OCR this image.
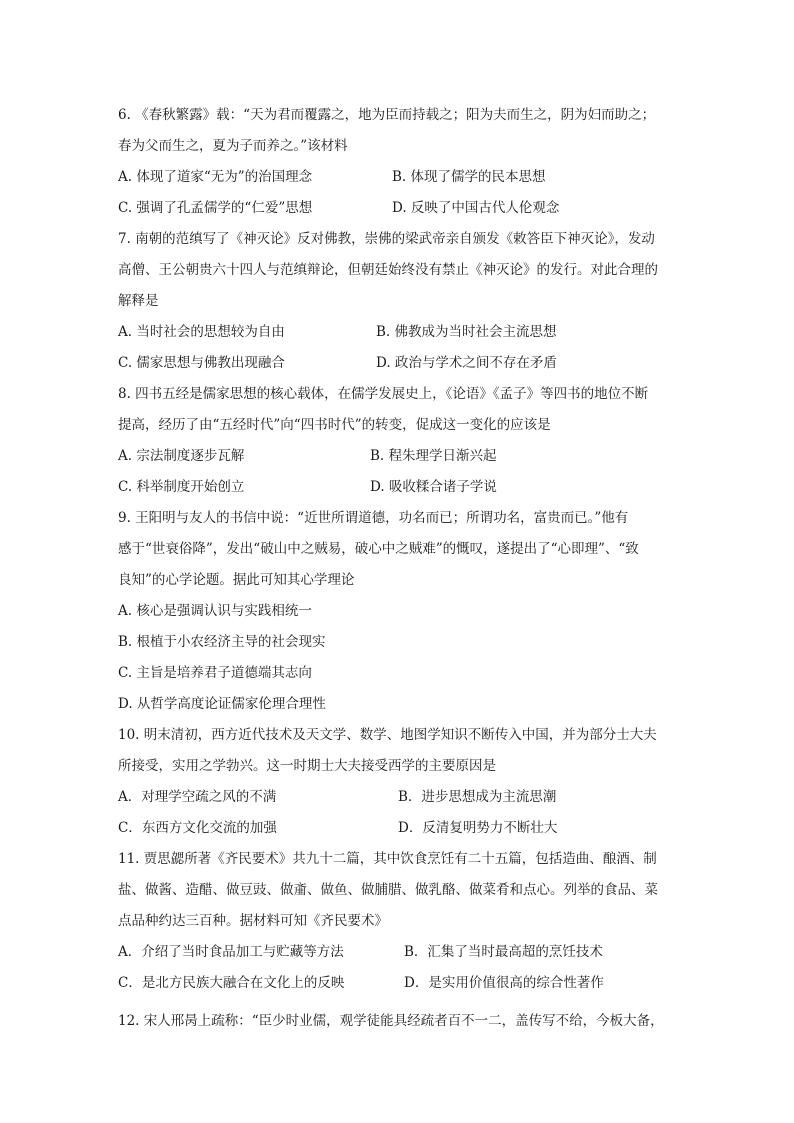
6. 《春秋繁露》载：“天为君而覆露之，地为臣而持载之；阳为夫而生之，阴为妇而助之；
春为父而生之，夏为子而养之。”该材料
A. 体现了道家“无为”的治国理念	B. 体现了儒学的民本思想
C. 强调了孔孟儒学的“仁爱”思想	D. 反映了中国古代人伦观念
7. 南朝的范缜写了《神灭论》反对佛教，崇佛的梁武帝亲自颁发《敕答臣下神灭论》，发动
高僧、王公朝贵六十四人与范缜辩论，但朝廷始终没有禁止《神灭论》的发行。对此合理的
解释是
A. 当时社会的思想较为自由	B. 佛教成为当时社会主流思想
C. 儒家思想与佛教出现融合	D. 政治与学术之间不存在矛盾
8. 四书五经是儒家思想的核心载体，在儒学发展史上，《论语》《孟子》等四书的地位不断
提高，经历了由“五经时代”向“四书时代”的转变，促成这一变化的应该是
A. 宗法制度逐步瓦解	B. 程朱理学日渐兴起
C. 科举制度开始创立	D. 吸收糅合诸子学说
9. 王阳明与友人的书信中说：“近世所谓道德，功名而已；所谓功名，富贵而已。”他有
感于“世衰俗降”，发出“破山中之贼易，破心中之贼难”的慨叹，遂提出了“心即理”、“致
良知”的心学论题。据此可知其心学理论
A. 核心是强调认识与实践相统一
B. 根植于小农经济主导的社会现实
C. 主旨是培养君子道德端其志向
D. 从哲学高度论证儒家伦理合理性
10. 明末清初，西方近代技术及天文学、数学、地图学知识不断传入中国，并为部分士大夫
所接受，实用之学勃兴。这一时期士大夫接受西学的主要原因是
A．对理学空疏之风的不满	B．进步思想成为主流思潮
C．东西方文化交流的加强	D．反清复明势力不断壮大
11. 贾思勰所著《齐民要术》共九十二篇，其中饮食烹饪有二十五篇，包括造曲、酿酒、制
盐、做酱、造醋、做豆豉、做齑、做鱼、做脯腊、做乳酪、做菜肴和点心。列举的食品、菜
点品种约达三百种。据材料可知《齐民要术》
A．介绍了当时食品加工与贮藏等方法	B．汇集了当时最高超的烹饪技术
C．是北方民族大融合在文化上的反映	D．是实用价值很高的综合性著作
12. 宋人邢昺上疏称：“臣少时业儒，观学徒能具经疏者百不一二，盖传写不给，今板大备，
